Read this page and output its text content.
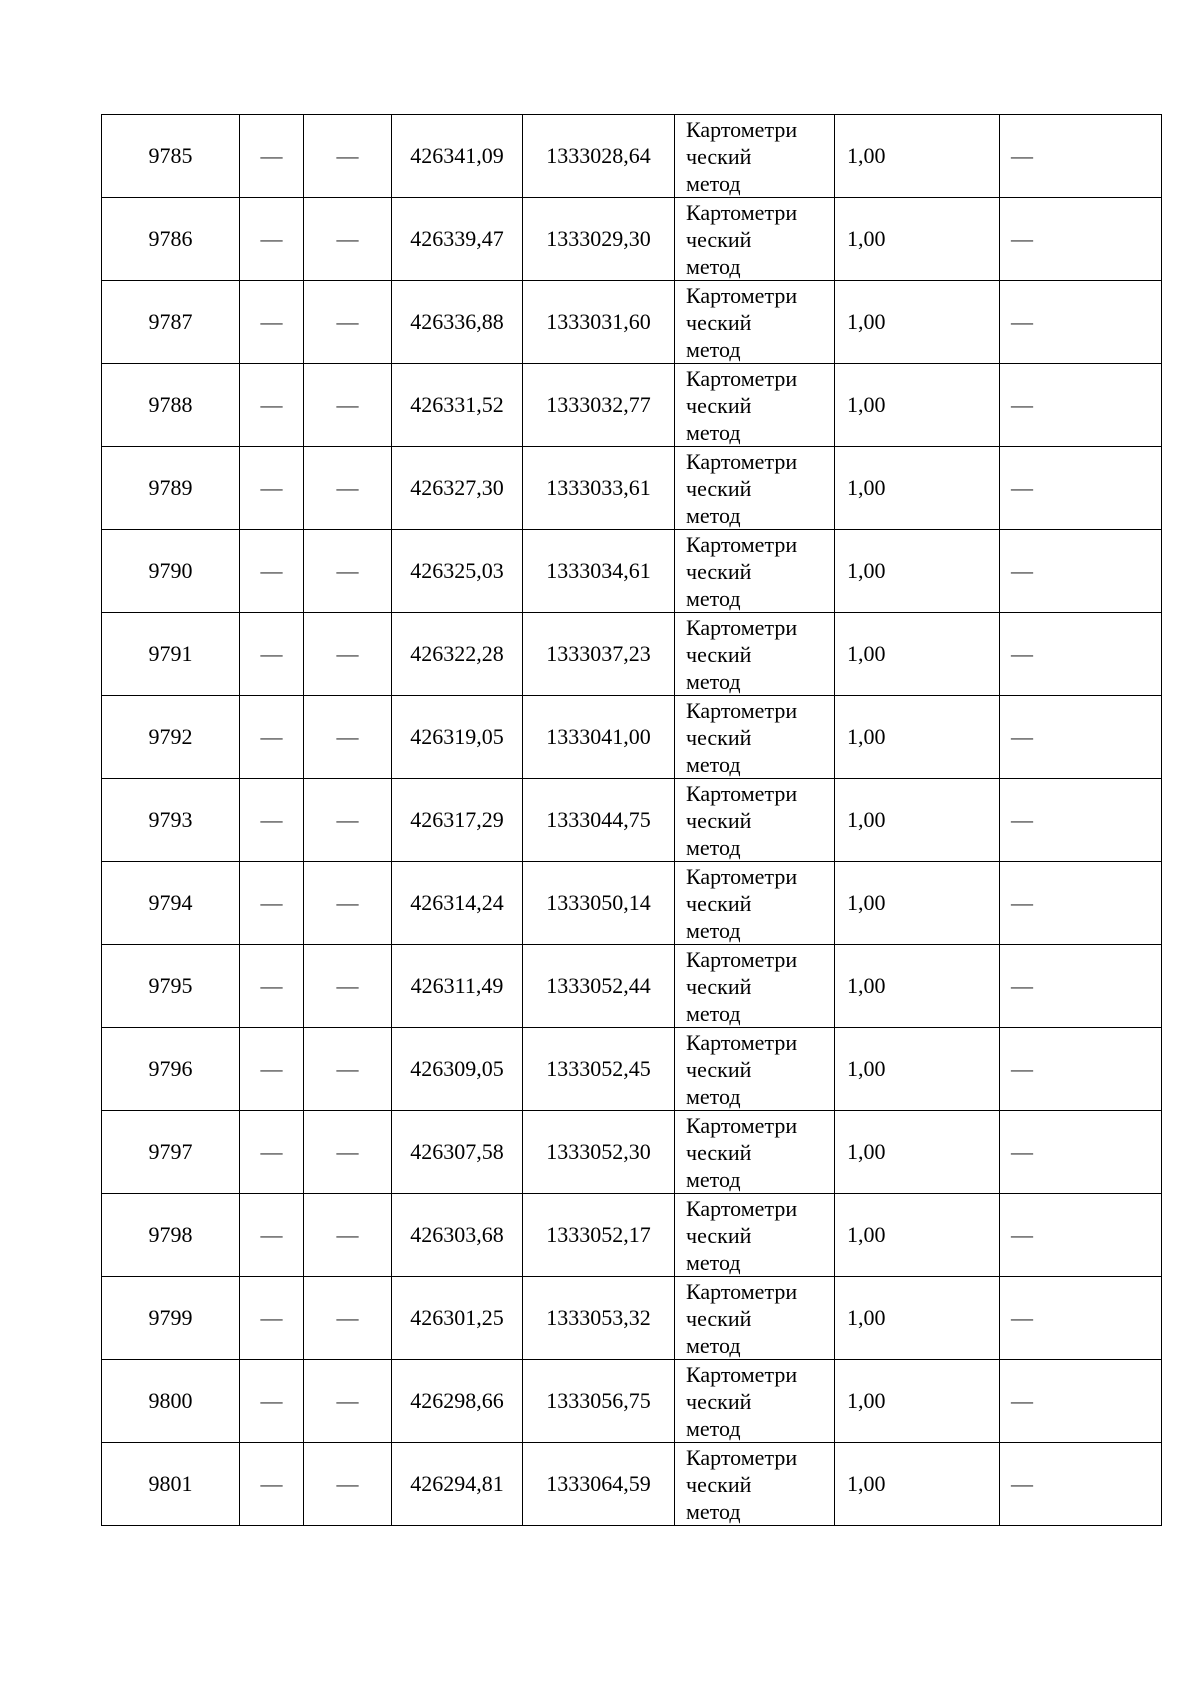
9785	—	—	426341,09	1333028,64	Картометри
ческий
метод	1,00	—
9786	—	—	426339,47	1333029,30	Картометри
ческий
метод	1,00	—
9787	—	—	426336,88	1333031,60	Картометри
ческий
метод	1,00	—
9788	—	—	426331,52	1333032,77	Картометри
ческий
метод	1,00	—
9789	—	—	426327,30	1333033,61	Картометри
ческий
метод	1,00	—
9790	—	—	426325,03	1333034,61	Картометри
ческий
метод	1,00	—
9791	—	—	426322,28	1333037,23	Картометри
ческий
метод	1,00	—
9792	—	—	426319,05	1333041,00	Картометри
ческий
метод	1,00	—
9793	—	—	426317,29	1333044,75	Картометри
ческий
метод	1,00	—
9794	—	—	426314,24	1333050,14	Картометри
ческий
метод	1,00	—
9795	—	—	426311,49	1333052,44	Картометри
ческий
метод	1,00	—
9796	—	—	426309,05	1333052,45	Картометри
ческий
метод	1,00	—
9797	—	—	426307,58	1333052,30	Картометри
ческий
метод	1,00	—
9798	—	—	426303,68	1333052,17	Картометри
ческий
метод	1,00	—
9799	—	—	426301,25	1333053,32	Картометри
ческий
метод	1,00	—
9800	—	—	426298,66	1333056,75	Картометри
ческий
метод	1,00	—
9801	—	—	426294,81	1333064,59	Картометри
ческий
метод	1,00	—
